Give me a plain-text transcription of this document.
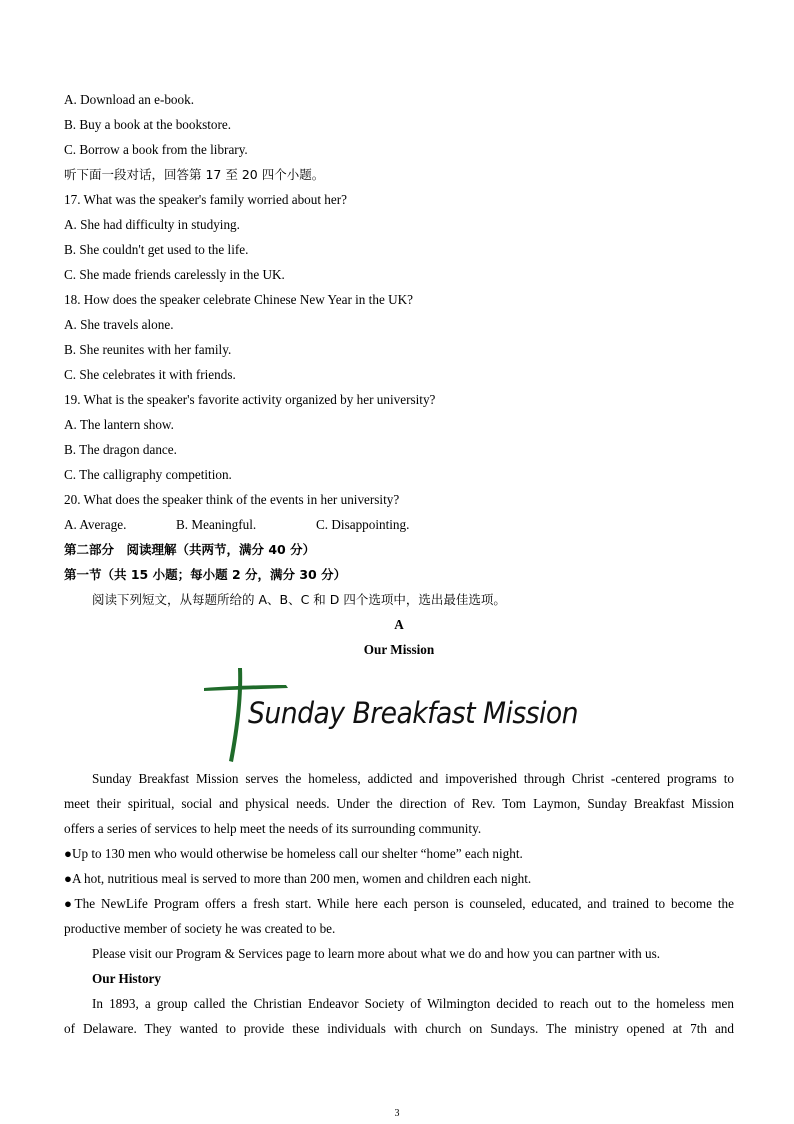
A. Download an e-book.
B. Buy a book at the bookstore.
C. Borrow a book from the library.
听下面一段对话，回答第 17 至 20 四个小题。
17. What was the speaker's family worried about her?
A. She had difficulty in studying.
B. She couldn't get used to the life.
C. She made friends carelessly in the UK.
18. How does the speaker celebrate Chinese New Year in the UK?
A. She travels alone.
B. She reunites with her family.
C. She celebrates it with friends.
19. What is the speaker's favorite activity organized by her university?
A. The lantern show.
B. The dragon dance.
C. The calligraphy competition.
20. What does the speaker think of the events in her university?
A. Average.	B. Meaningful.	C. Disappointing.
第二部分　阅读理解（共两节，满分 40 分）
第一节（共 15 小题；每小题 2 分，满分 30 分）
阅读下列短文，从每题所给的 A、B、C 和 D 四个选项中，选出最佳选项。
A
Our Mission
Sunday Breakfast Mission
Sunday Breakfast Mission serves the homeless, addicted and impoverished through Christ -centered programs to
meet their spiritual, social and physical needs. Under the direction of Rev. Tom Laymon, Sunday Breakfast Mission
offers a series of services to help meet the needs of its surrounding community.
●Up to 130 men who would otherwise be homeless call our shelter “home” each night.
●A hot, nutritious meal is served to more than 200 men, women and children each night.
●The NewLife Program offers a fresh start. While here each person is counseled, educated, and trained to become the
productive member of society he was created to be.
Please visit our Program & Services page to learn more about what we do and how you can partner with us.
Our History
In 1893, a group called the Christian Endeavor Society of Wilmington decided to reach out to the homeless men
of Delaware. They wanted to provide these individuals with church on Sundays. The ministry opened at 7th and
3
